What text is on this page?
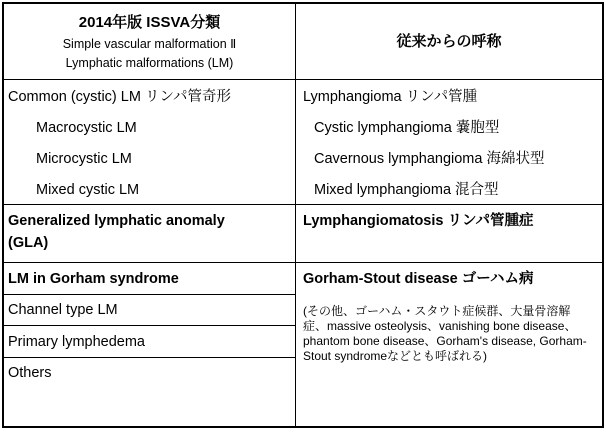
2014年版 ISSVA分類
Simple vascular malformation Ⅱ
Lymphatic malformations (LM)
従来からの呼称
Common (cystic) LM リンパ管奇形
Macrocystic LM
Microcystic LM
Mixed cystic LM
Generalized lymphatic anomaly
(GLA)
LM in Gorham syndrome
Channel type LM
Primary lymphedema
Others
Lymphangioma リンパ管腫
Cystic lymphangioma 嚢胞型
Cavernous lymphangioma 海綿状型
Mixed lymphangioma 混合型
Lymphangiomatosis リンパ管腫症
Gorham-Stout disease ゴーハム病
(その他、ゴーハム・スタウト症候群、大量骨溶解症、massive osteolysis、vanishing bone disease、phantom bone disease、Gorham's disease, Gorham-Stout syndromeなどとも呼ばれる)
